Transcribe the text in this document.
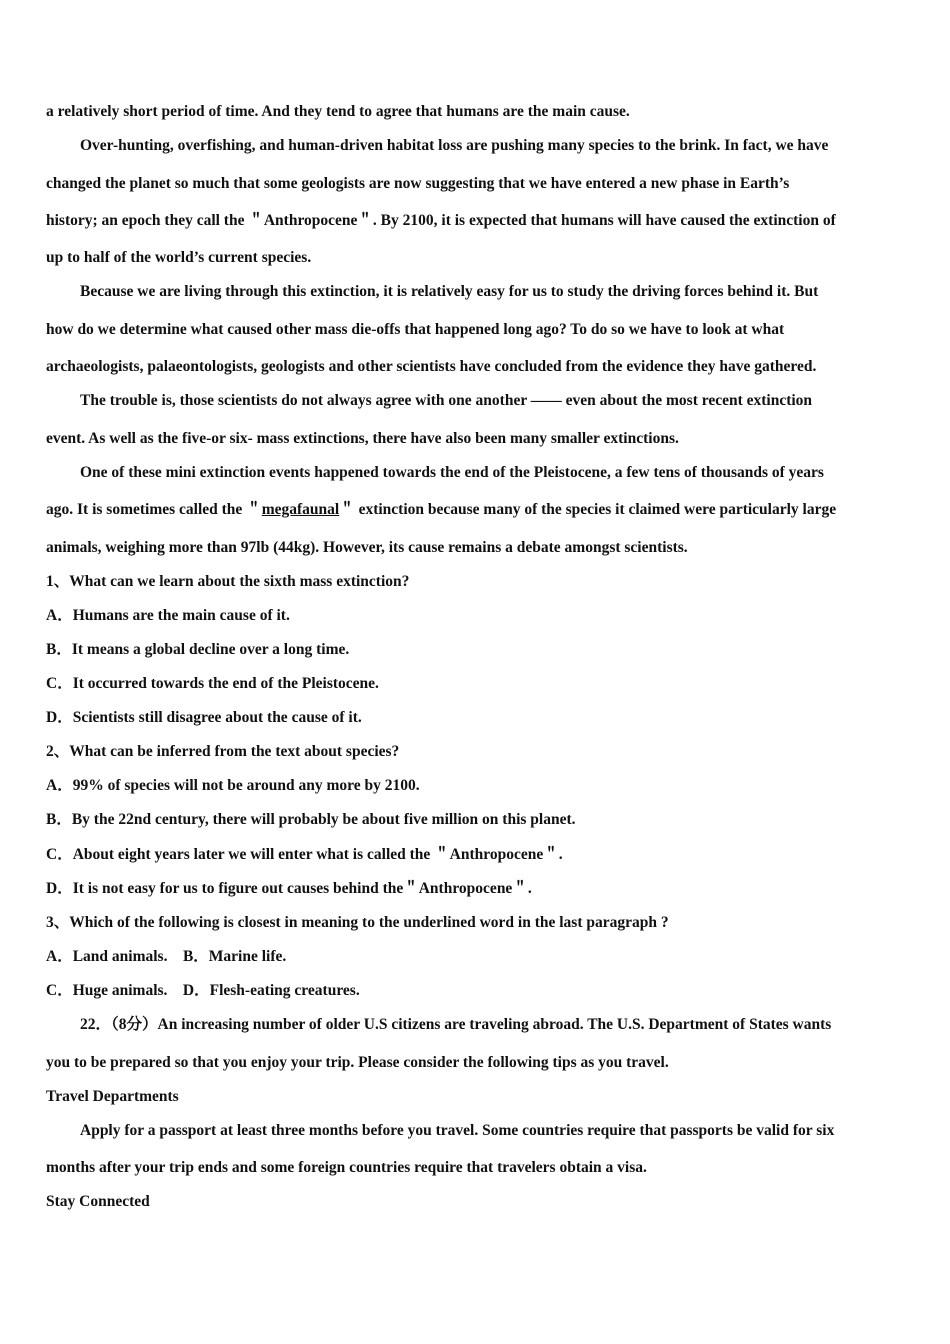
a relatively short period of time. And they tend to agree that humans are the main cause.
Over-hunting, overfishing, and human-driven habitat loss are pushing many species to the brink. In fact, we have
changed the planet so much that some geologists are now suggesting that we have entered a new phase in Earth’s
history; an epoch they call the ＂Anthropocene＂. By 2100, it is expected that humans will have caused the extinction of
up to half of the world’s current species.
Because we are living through this extinction, it is relatively easy for us to study the driving forces behind it. But
how do we determine what caused other mass die-offs that happened long ago? To do so we have to look at what
archaeologists, palaeontologists, geologists and other scientists have concluded from the evidence they have gathered.
The trouble is, those scientists do not always agree with one another —— even about the most recent extinction
event. As well as the five-or six- mass extinctions, there have also been many smaller extinctions.
One of these mini extinction events happened towards the end of the Pleistocene, a few tens of thousands of years
ago. It is sometimes called the ＂megafaunal＂ extinction because many of the species it claimed were particularly large
animals, weighing more than 97lb (44kg). However, its cause remains a debate amongst scientists.
1、What can we learn about the sixth mass extinction?
A．Humans are the main cause of it.
B．It means a global decline over a long time.
C．It occurred towards the end of the Pleistocene.
D．Scientists still disagree about the cause of it.
2、What can be inferred from the text about species?
A．99% of species will not be around any more by 2100.
B．By the 22nd century, there will probably be about five million on this planet.
C．About eight years later we will enter what is called the ＂Anthropocene＂.
D．It is not easy for us to figure out causes behind the＂Anthropocene＂.
3、Which of the following is closest in meaning to the underlined word in the last paragraph ?
A．Land animals.    B．Marine life.
C．Huge animals.    D．Flesh-eating creatures.
22．（8分）An increasing number of older U.S citizens are traveling abroad. The U.S. Department of States wants
you to be prepared so that you enjoy your trip. Please consider the following tips as you travel.
Travel Departments
Apply for a passport at least three months before you travel. Some countries require that passports be valid for six
months after your trip ends and some foreign countries require that travelers obtain a visa.
Stay Connected
